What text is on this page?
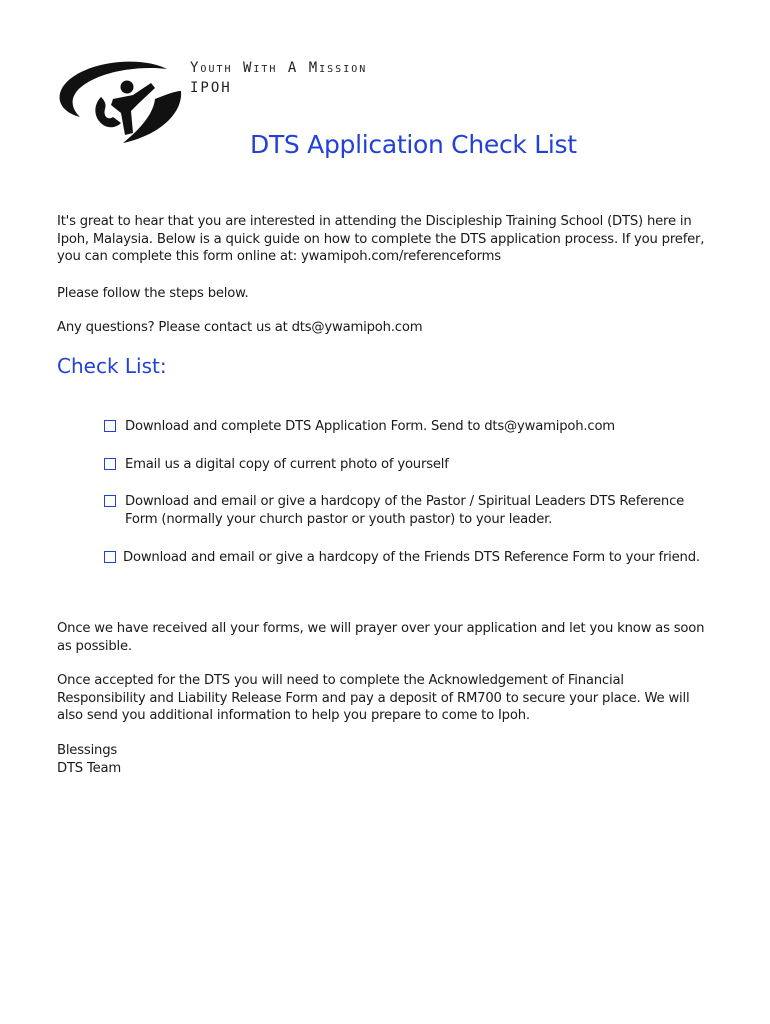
Youth With A Mission
IPOH
DTS Application Check List

It's great to hear that you are interested in attending the Discipleship Training School (DTS) here in Ipoh, Malaysia. Below is a quick guide on how to complete the DTS application process. If you prefer, you can complete this form online at: ywamipoh.com/referenceforms

Please follow the steps below.

Any questions? Please contact us at dts@ywamipoh.com

Check List:
Download and complete DTS Application Form. Send to dts@ywamipoh.com
Email us a digital copy of current photo of yourself
Download and email or give a hardcopy of the Pastor / Spiritual Leaders DTS Reference Form (normally your church pastor or youth pastor) to your leader.
Download and email or give a hardcopy of the Friends DTS Reference Form to your friend.

Once we have received all your forms, we will prayer over your application and let you know as soon as possible.

Once accepted for the DTS you will need to complete the Acknowledgement of Financial Responsibility and Liability Release Form and pay a deposit of RM700 to secure your place. We will also send you additional information to help you prepare to come to Ipoh.

Blessings

DTS Team
